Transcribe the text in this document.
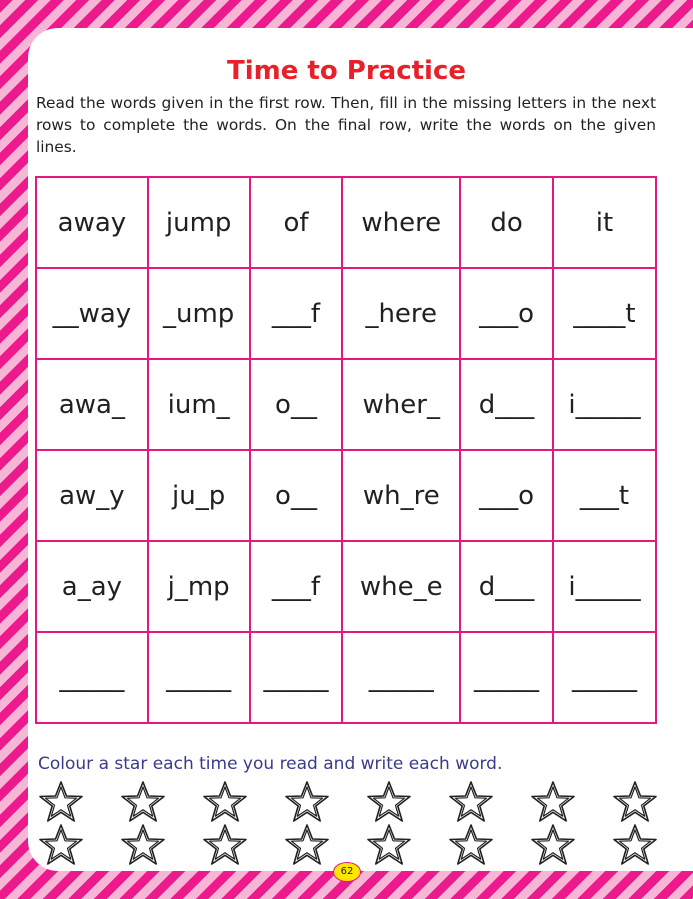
Time to Practice

Read the words given in the first row. Then, fill in the missing letters in the next rows to complete the words. On the final row, write the words on the given lines.

away	jump	of	where	do	it
__way	_ump	___f	_here	___o	____t
awa_	ium_	o__	wher_	d___	i_____
aw_y	ju_p	o__	wh_re	___o	___t
a_ay	j_mp	___f	whe_e	d___	i_____
_____	_____	_____	_____	_____	_____

Colour a star each time you read and write each word.

62
